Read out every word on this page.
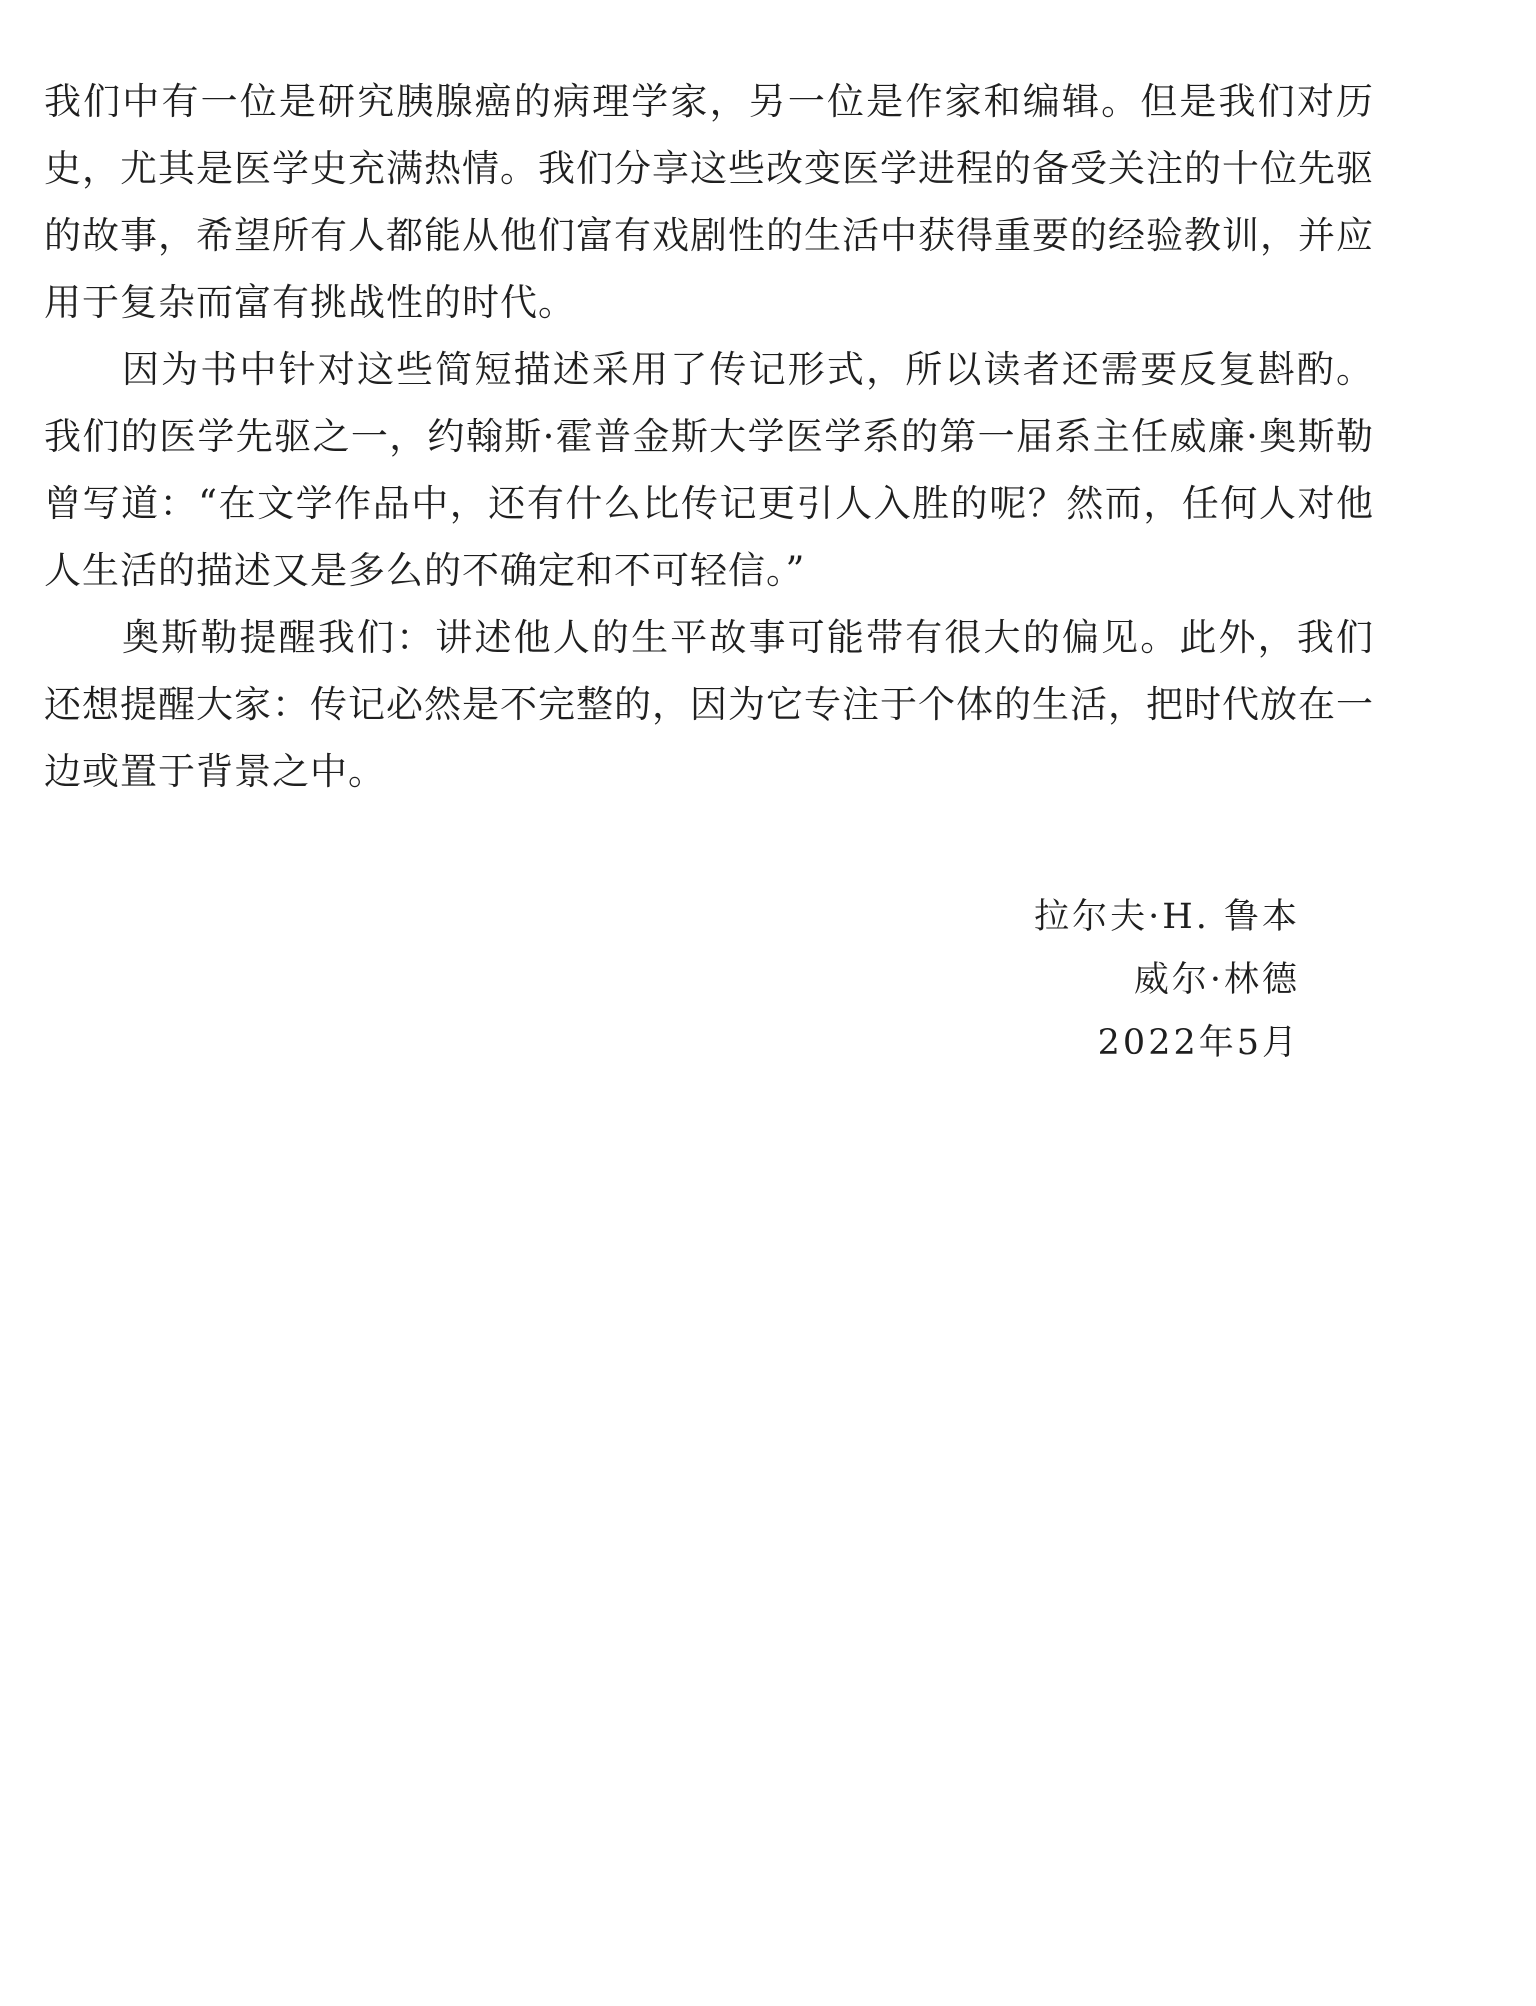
我们中有一位是研究胰腺癌的病理学家，另一位是作家和编辑。但是我们对历史，尤其是医学史充满热情。我们分享这些改变医学进程的备受关注的十位先驱的故事，希望所有人都能从他们富有戏剧性的生活中获得重要的经验教训，并应用于复杂而富有挑战性的时代。

因为书中针对这些简短描述采用了传记形式，所以读者还需要反复斟酌。我们的医学先驱之一，约翰斯·霍普金斯大学医学系的第一届系主任威廉·奥斯勒曾写道：“在文学作品中，还有什么比传记更引人入胜的呢？然而，任何人对他人生活的描述又是多么的不确定和不可轻信。”

奥斯勒提醒我们：讲述他人的生平故事可能带有很大的偏见。此外，我们还想提醒大家：传记必然是不完整的，因为它专注于个体的生活，把时代放在一边或置于背景之中。

拉尔夫·H. 鲁本
威尔·林德
2022年5月
